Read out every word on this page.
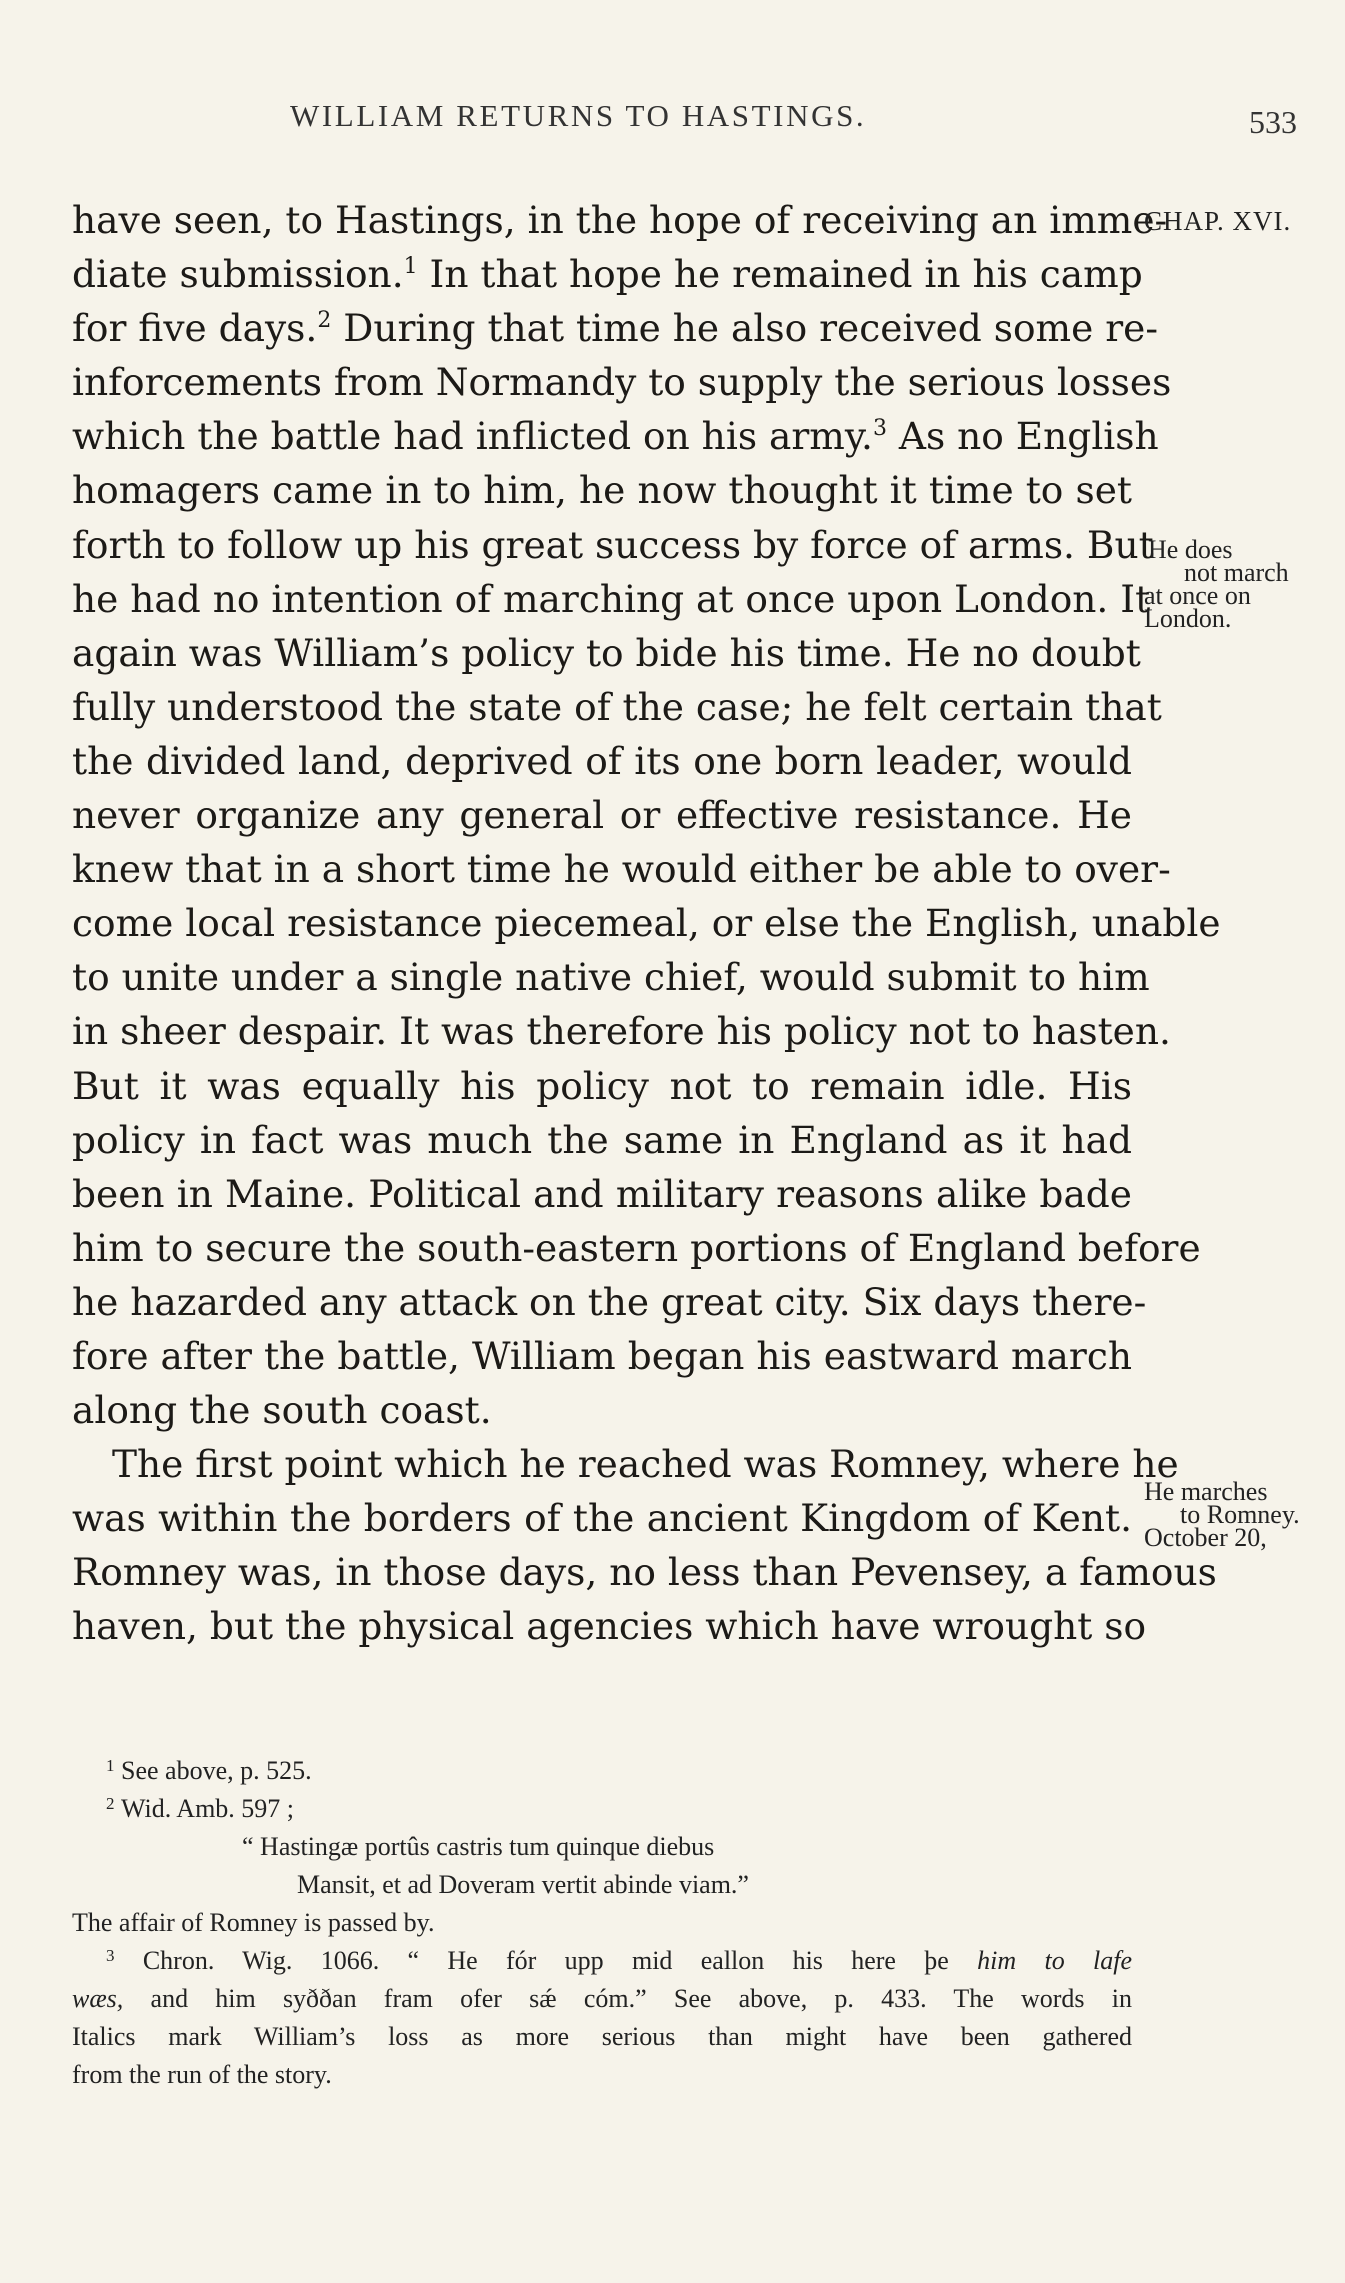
WILLIAM RETURNS TO HASTINGS.	533
have seen, to Hastings, in the hope of receiving an imme-
diate submission.$^1$ In that hope he remained in his camp
for five days.$^2$ During that time he also received some re-
inforcements from Normandy to supply the serious losses
which the battle had inflicted on his army.$^3$ As no English
homagers came in to him, he now thought it time to set
forth to follow up his great success by force of arms. But
he had no intention of marching at once upon London. It
again was William’s policy to bide his time. He no doubt
fully understood the state of the case; he felt certain that
the divided land, deprived of its one born leader, would
never organize any general or effective resistance. He
knew that in a short time he would either be able to over-
come local resistance piecemeal, or else the English, unable
to unite under a single native chief, would submit to him
in sheer despair. It was therefore his policy not to hasten.
But it was equally his policy not to remain idle. His
policy in fact was much the same in England as it had
been in Maine. Political and military reasons alike bade
him to secure the south-eastern portions of England before
he hazarded any attack on the great city. Six days there-
fore after the battle, William began his eastward march
along the south coast.
The first point which he reached was Romney, where he
was within the borders of the ancient Kingdom of Kent.
Romney was, in those days, no less than Pevensey, a famous
haven, but the physical agencies which have wrought so
CHAP. XVI.
He does
not march
at once on
London.
He marches
to Romney.
October 20,
$^1$ See above, p. 525.
$^2$ Wid. Amb. 597 ;
“ Hastingæ portûs castris tum quinque diebus
Mansit, et ad Doveram vertit abinde viam.”
The affair of Romney is passed by.
$^3$ Chron. Wig. 1066. “ He fór upp mid eallon his here þe him to lafe
wæs, and him syððan fram ofer sǽ cóm.” See above, p. 433. The words in
Italics mark William’s loss as more serious than might have been gathered
from the run of the story.
